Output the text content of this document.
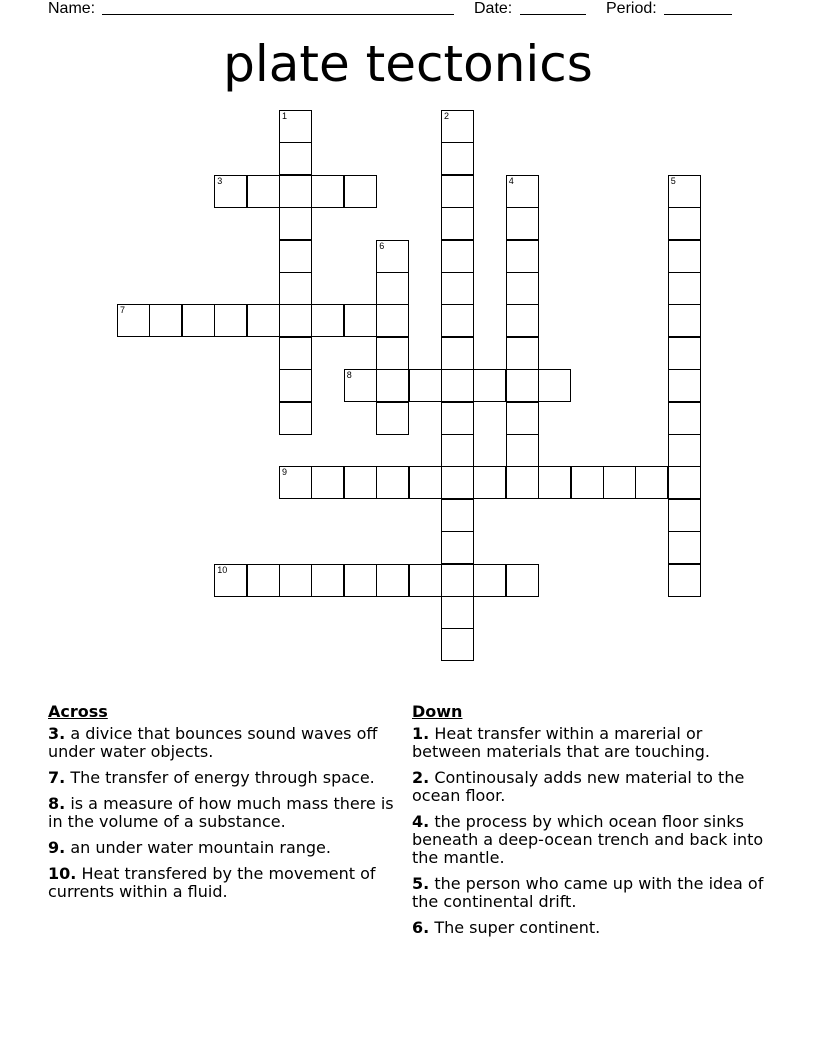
Name:	Date:	Period:
plate tectonics
1	2
3	4	5
6
7
8
9
10
Across
3. a divice that bounces sound waves off under water objects.
7. The transfer of energy through space.
8. is a measure of how much mass there is in the volume of a substance.
9. an under water mountain range.
10. Heat transfered by the movement of currents within a fluid.
Down
1. Heat transfer within a marerial or between materials that are touching.
2. Continousaly adds new material to the ocean floor.
4. the process by which ocean floor sinks beneath a deep-ocean trench and back into the mantle.
5. the person who came up with the idea of the continental drift.
6. The super continent.
